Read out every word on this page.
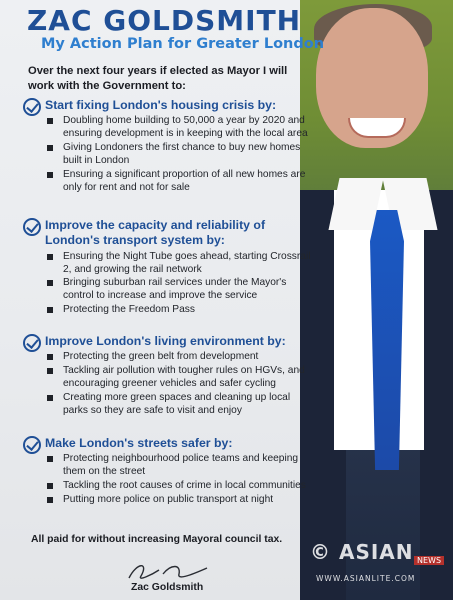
ZAC GOLDSMITH
My Action Plan for Greater London
Over the next four years if elected as Mayor I will work with the Government to:
Start fixing London's housing crisis by:
Doubling home building to 50,000 a year by 2020 and ensuring development is in keeping with the local area
Giving Londoners the first chance to buy new homes built in London
Ensuring a significant proportion of all new homes are only for rent and not for sale
Improve the capacity and reliability of London's transport system by:
Ensuring the Night Tube goes ahead, starting Crossrail 2, and growing the rail network
Bringing suburban rail services under the Mayor's control to increase and improve the service
Protecting the Freedom Pass
Improve London's living environment by:
Protecting the green belt from development
Tackling air pollution with tougher rules on HGVs, and encouraging greener vehicles and safer cycling
Creating more green spaces and cleaning up local parks so they are safe to visit and enjoy
Make London's streets safer by:
Protecting neighbourhood police teams and keeping them on the street
Tackling the root causes of crime in local communities
Putting more police on public transport at night
All paid for without increasing Mayoral council tax.
Zac Goldsmith
© ASIAN NEWS
WWW.ASIANLITE.COM
